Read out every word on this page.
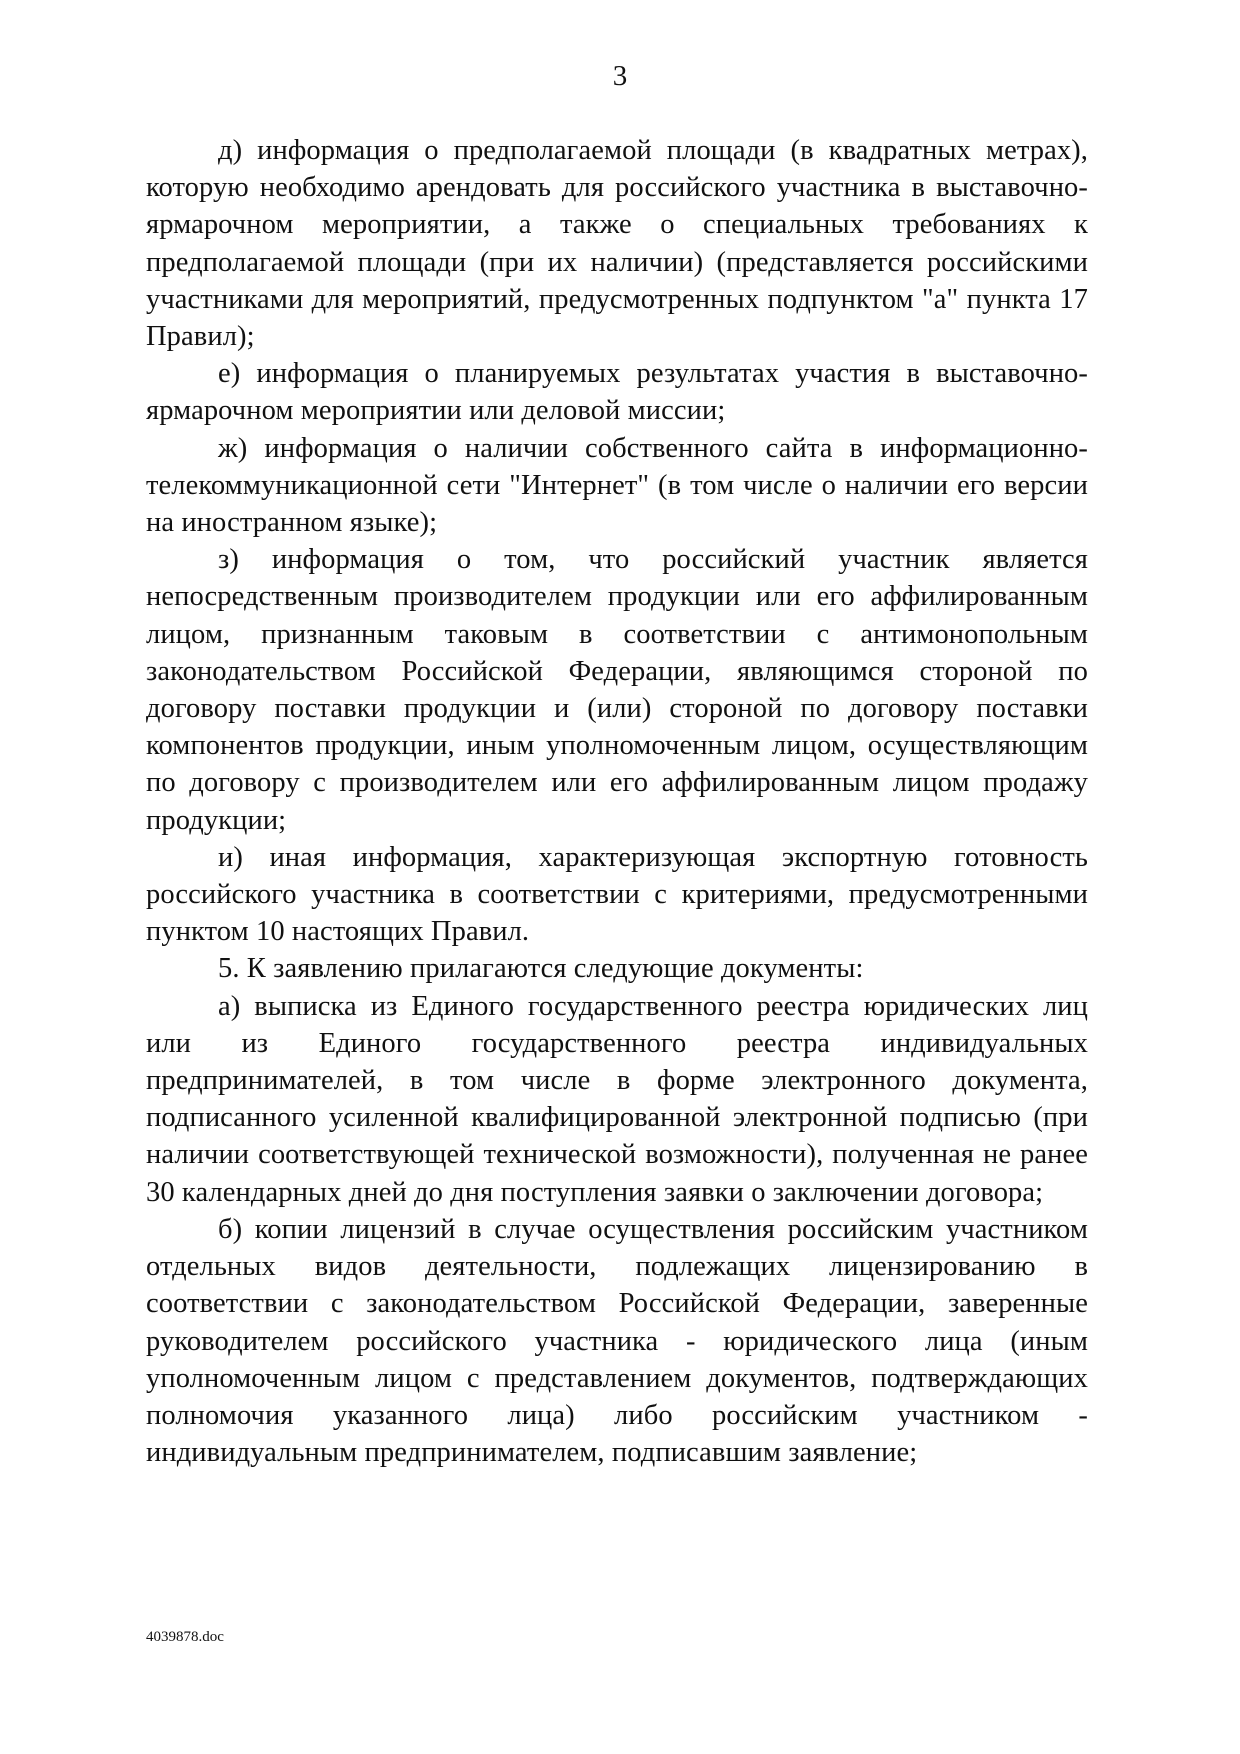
3

д) информация о предполагаемой площади (в квадратных метрах), которую необходимо арендовать для российского участника в выставочно-ярмарочном мероприятии, а также о специальных требованиях к предполагаемой площади (при их наличии) (представляется российскими участниками для мероприятий, предусмотренных подпунктом "а" пункта 17 Правил);

е) информация о планируемых результатах участия в выставочно-ярмарочном мероприятии или деловой миссии;

ж) информация о наличии собственного сайта в информационно-телекоммуникационной сети "Интернет" (в том числе о наличии его версии на иностранном языке);

з) информация о том, что российский участник является непосредственным производителем продукции или его аффилированным лицом, признанным таковым в соответствии с антимонопольным законодательством Российской Федерации, являющимся стороной по договору поставки продукции и (или) стороной по договору поставки компонентов продукции, иным уполномоченным лицом, осуществляющим по договору с производителем или его аффилированным лицом продажу продукции;

и) иная информация, характеризующая экспортную готовность российского участника в соответствии с критериями, предусмотренными пунктом 10 настоящих Правил.

5. К заявлению прилагаются следующие документы:

а) выписка из Единого государственного реестра юридических лиц или из Единого государственного реестра индивидуальных предпринимателей, в том числе в форме электронного документа, подписанного усиленной квалифицированной электронной подписью (при наличии соответствующей технической возможности), полученная не ранее 30 календарных дней до дня поступления заявки о заключении договора;

б) копии лицензий в случае осуществления российским участником отдельных видов деятельности, подлежащих лицензированию в соответствии с законодательством Российской Федерации, заверенные руководителем российского участника - юридического лица (иным уполномоченным лицом с представлением документов, подтверждающих полномочия указанного лица) либо российским участником - индивидуальным предпринимателем, подписавшим заявление;

4039878.doc
